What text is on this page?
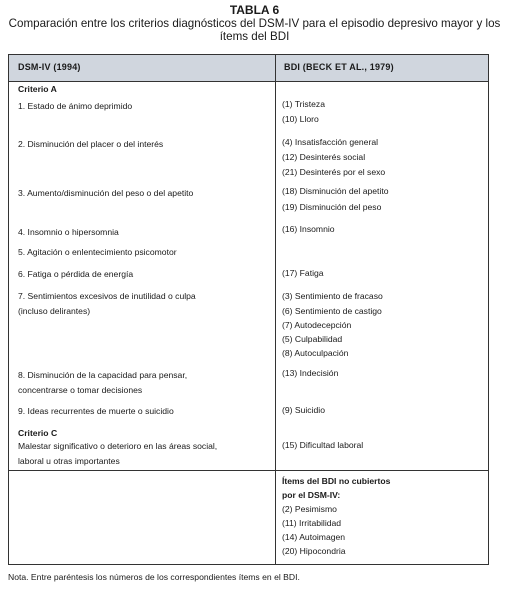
TABLA 6
Comparación entre los criterios diagnósticos del DSM-IV para el episodio depresivo mayor y los ítems del BDI
DSM-IV (1994)	BDI (BECK ET AL., 1979)
Criterio A
1. Estado de ánimo deprimido
2. Disminución del placer o del interés
3. Aumento/disminución del peso o del apetito
4. Insomnio o hipersomnia
5. Agitación o enlentecimiento psicomotor
6. Fatiga o pérdida de energía
7. Sentimientos excesivos de inutilidad o culpa
(incluso delirantes)
8. Disminución de la capacidad para pensar,
concentrarse o tomar decisiones
9. Ideas recurrentes de muerte o suicidio
Criterio C
Malestar significativo o deterioro en las áreas social,
laboral u otras importantes
(1) Tristeza
(10) Lloro
(4) Insatisfacción general
(12) Desinterés social
(21) Desinterés por el sexo
(18) Disminución del apetito
(19) Disminución del peso
(16) Insomnio
(17) Fatiga
(3) Sentimiento de fracaso
(6) Sentimiento de castigo
(7) Autodecepción
(5) Culpabilidad
(8) Autoculpación
(13) Indecisión
(9) Suicidio
(15) Dificultad laboral
Ítems del BDI no cubiertos
por el DSM-IV:
(2) Pesimismo
(11) Irritabilidad
(14) Autoimagen
(20) Hipocondria
Nota. Entre paréntesis los números de los correspondientes ítems en el BDI.
